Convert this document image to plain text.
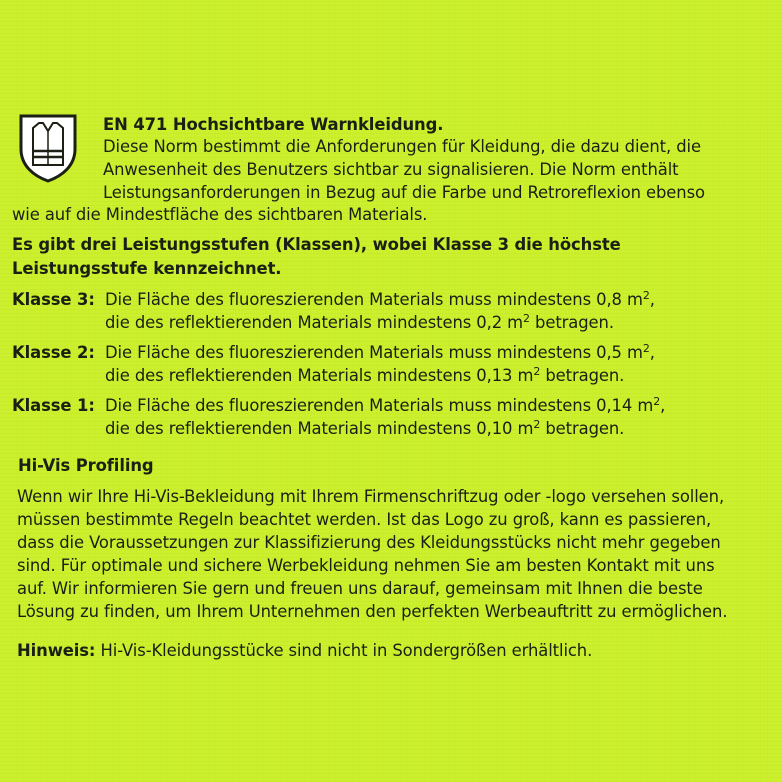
EN 471 Hochsichtbare Warnkleidung.
Diese Norm bestimmt die Anforderungen für Kleidung, die dazu dient, die
Anwesenheit des Benutzers sichtbar zu signalisieren. Die Norm enthält
Leistungsanforderungen in Bezug auf die Farbe und Retroreflexion ebenso
wie auf die Mindestfläche des sichtbaren Materials.
Es gibt drei Leistungsstufen (Klassen), wobei Klasse 3 die höchste
Leistungsstufe kennzeichnet.
Klasse 3: Die Fläche des fluoreszierenden Materials muss mindestens 0,8 $m^2$,
die des reflektierenden Materials mindestens 0,2 $m^2$ betragen.
Klasse 2: Die Fläche des fluoreszierenden Materials muss mindestens 0,5 $m^2$,
die des reflektierenden Materials mindestens 0,13 $m^2$ betragen.
Klasse 1: Die Fläche des fluoreszierenden Materials muss mindestens 0,14 $m^2$,
die des reflektierenden Materials mindestens 0,10 $m^2$ betragen.
Hi-Vis Profiling
Wenn wir Ihre Hi-Vis-Bekleidung mit Ihrem Firmenschriftzug oder -logo versehen sollen,
müssen bestimmte Regeln beachtet werden. Ist das Logo zu groß, kann es passieren,
dass die Voraussetzungen zur Klassifizierung des Kleidungsstücks nicht mehr gegeben
sind. Für optimale und sichere Werbekleidung nehmen Sie am besten Kontakt mit uns
auf. Wir informieren Sie gern und freuen uns darauf, gemeinsam mit Ihnen die beste
Lösung zu finden, um Ihrem Unternehmen den perfekten Werbeauftritt zu ermöglichen.
Hinweis: Hi-Vis-Kleidungsstücke sind nicht in Sondergrößen erhältlich.
